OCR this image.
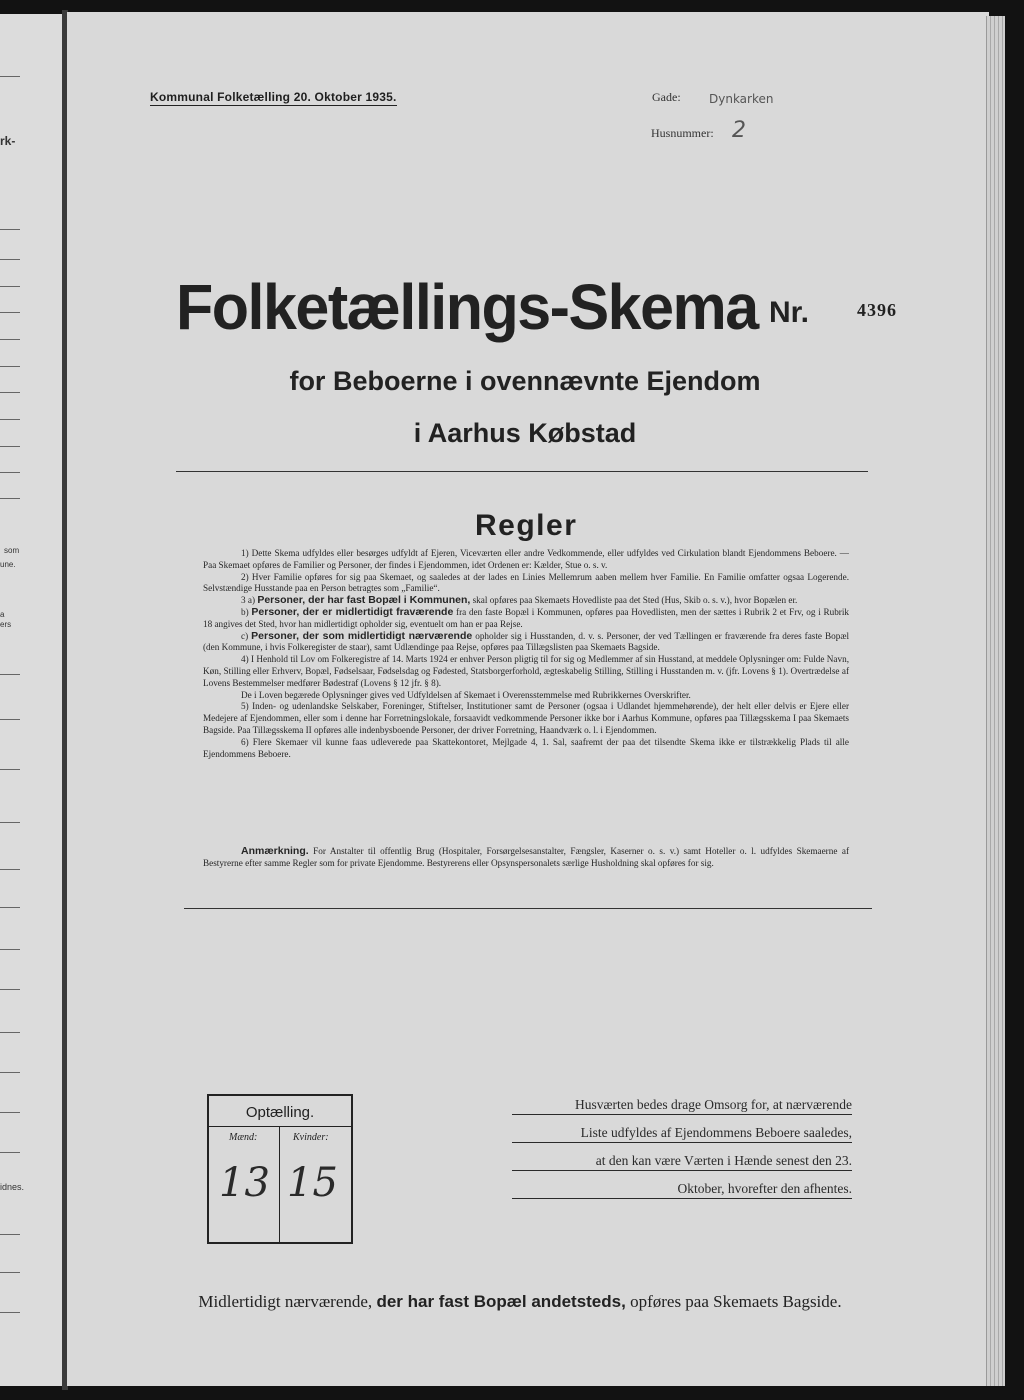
rk-
som
une.
a
ers
idnes.
Kommunal Folketælling 20. Oktober 1935.	Gade: Dynkarken
Husnummer: 2
Folketællings-Skema Nr.	4396
for Beboerne i ovennævnte Ejendom
i Aarhus Købstad
Regler

1) Dette Skema udfyldes eller besørges udfyldt af Ejeren, Viceværten eller andre Vedkommende, eller udfyldes ved Cirkulation blandt Ejendommens Beboere. — Paa Skemaet opføres de Familier og Personer, der findes i Ejendommen, idet Ordenen er: Kælder, Stue o. s. v.

2) Hver Familie opføres for sig paa Skemaet, og saaledes at der lades en Linies Mellemrum aaben mellem hver Familie. En Familie omfatter ogsaa Logerende. Selvstændige Husstande paa en Person betragtes som „Familie“.

3 a) Personer, der har fast Bopæl i Kommunen, skal opføres paa Skemaets Hovedliste paa det Sted (Hus, Skib o. s. v.), hvor Bopælen er.

b) Personer, der er midlertidigt fraværende fra den faste Bopæl i Kommunen, opføres paa Hovedlisten, men der sættes i Rubrik 2 et Frv, og i Rubrik 18 angives det Sted, hvor han midlertidigt opholder sig, eventuelt om han er paa Rejse.

c) Personer, der som midlertidigt nærværende opholder sig i Husstanden, d. v. s. Personer, der ved Tællingen er fraværende fra deres faste Bopæl (den Kommune, i hvis Folkeregister de staar), samt Udlændinge paa Rejse, opføres paa Tillægslisten paa Skemaets Bagside.

4) I Henhold til Lov om Folkeregistre af 14. Marts 1924 er enhver Person pligtig til for sig og Medlemmer af sin Husstand, at meddele Oplysninger om: Fulde Navn, Køn, Stilling eller Erhverv, Bopæl, Fødselsaar, Fødselsdag og Fødested, Statsborgerforhold, ægteskabelig Stilling, Stilling i Husstanden m. v. (jfr. Lovens § 1). Overtrædelse af Lovens Bestemmelser medfører Bødestraf (Lovens § 12 jfr. § 8).

De i Loven begærede Oplysninger gives ved Udfyldelsen af Skemaet i Overensstemmelse med Rubrikkernes Overskrifter.

5) Inden- og udenlandske Selskaber, Foreninger, Stiftelser, Institutioner samt de Personer (ogsaa i Udlandet hjemmehørende), der helt eller delvis er Ejere eller Medejere af Ejendommen, eller som i denne har Forretningslokale, forsaavidt vedkommende Personer ikke bor i Aarhus Kommune, opføres paa Tillægsskema I paa Skemaets Bagside. Paa Tillægsskema II opføres alle indenbysboende Personer, der driver Forretning, Haandværk o. l. i Ejendommen.

6) Flere Skemaer vil kunne faas udleverede paa Skattekontoret, Mejlgade 4, 1. Sal, saafremt der paa det tilsendte Skema ikke er tilstrækkelig Plads til alle Ejendommens Beboere.

Anmærkning. For Anstalter til offentlig Brug (Hospitaler, Forsørgelsesanstalter, Fængsler, Kaserner o. s. v.) samt Hoteller o. l. udfyldes Skemaerne af Bestyrerne efter samme Regler som for private Ejendomme. Bestyrerens eller Opsynspersonalets særlige Husholdning skal opføres for sig.

Optælling.
Mænd:	Kvinder:
13 15
Husværten bedes drage Omsorg for, at nærværende
Liste udfyldes af Ejendommens Beboere saaledes,
at den kan være Værten i Hænde senest den 23.
Oktober, hvorefter den afhentes.
Midlertidigt nærværende, der har fast Bopæl andetsteds, opføres paa Skemaets Bagside.
